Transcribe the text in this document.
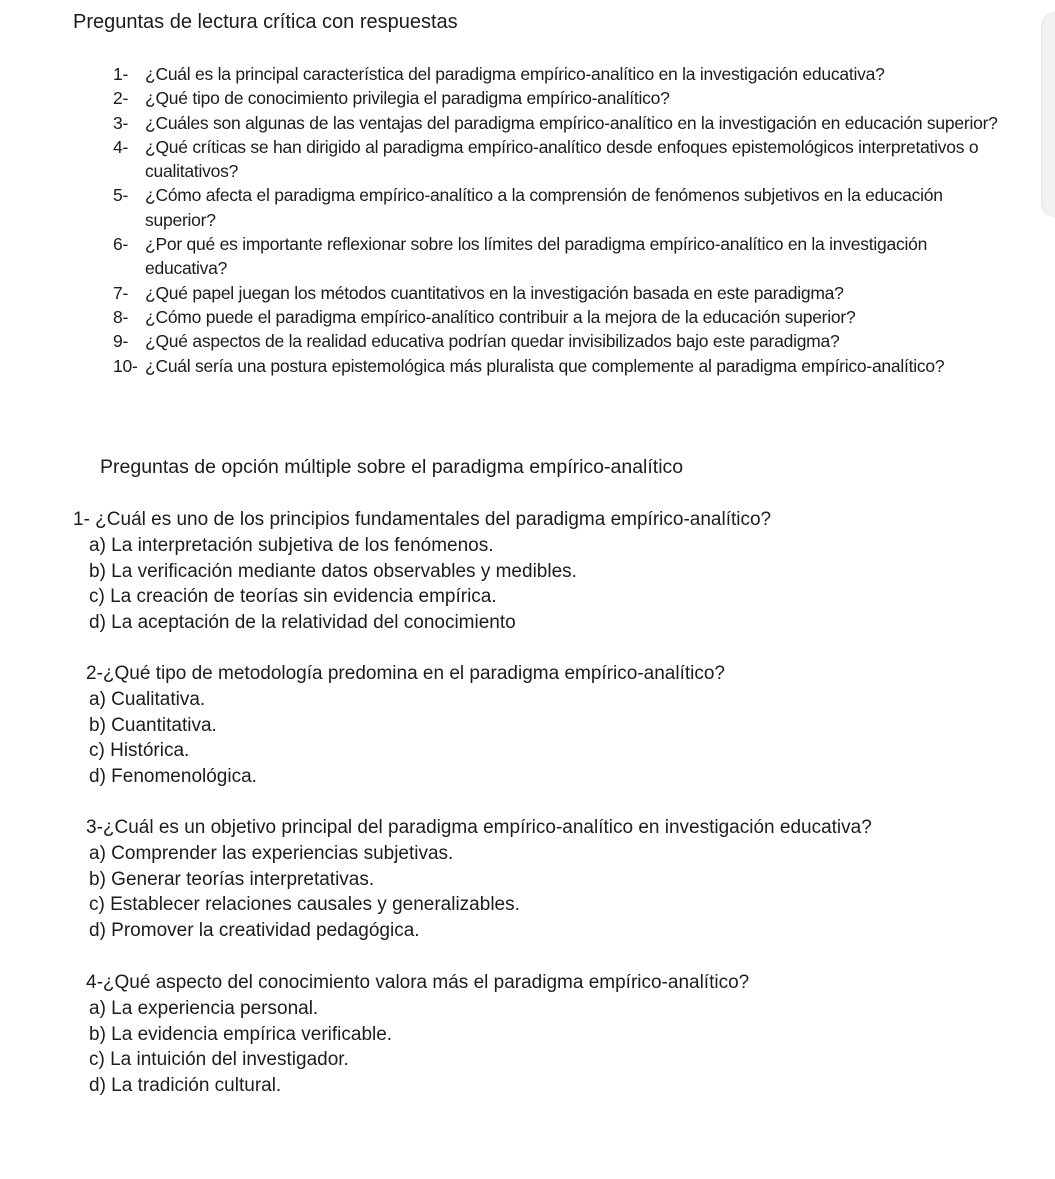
Preguntas de lectura crítica con respuestas
1- ¿Cuál es la principal característica del paradigma empírico-analítico en la investigación educativa?
2- ¿Qué tipo de conocimiento privilegia el paradigma empírico-analítico?
3- ¿Cuáles son algunas de las ventajas del paradigma empírico-analítico en la investigación en educación superior?
4- ¿Qué críticas se han dirigido al paradigma empírico-analítico desde enfoques epistemológicos interpretativos o cualitativos?
5- ¿Cómo afecta el paradigma empírico-analítico a la comprensión de fenómenos subjetivos en la educación superior?
6- ¿Por qué es importante reflexionar sobre los límites del paradigma empírico-analítico en la investigación educativa?
7- ¿Qué papel juegan los métodos cuantitativos en la investigación basada en este paradigma?
8- ¿Cómo puede el paradigma empírico-analítico contribuir a la mejora de la educación superior?
9- ¿Qué aspectos de la realidad educativa podrían quedar invisibilizados bajo este paradigma?
10- ¿Cuál sería una postura epistemológica más pluralista que complemente al paradigma empírico-analítico?
Preguntas de opción múltiple sobre el paradigma empírico-analítico
1- ¿Cuál es uno de los principios fundamentales del paradigma empírico-analítico?
a) La interpretación subjetiva de los fenómenos.
b) La verificación mediante datos observables y medibles.
c) La creación de teorías sin evidencia empírica.
d) La aceptación de la relatividad del conocimiento
2-¿Qué tipo de metodología predomina en el paradigma empírico-analítico?
a) Cualitativa.
b) Cuantitativa.
c) Histórica.
d) Fenomenológica.
3-¿Cuál es un objetivo principal del paradigma empírico-analítico en investigación educativa?
a) Comprender las experiencias subjetivas.
b) Generar teorías interpretativas.
c) Establecer relaciones causales y generalizables.
d) Promover la creatividad pedagógica.
4-¿Qué aspecto del conocimiento valora más el paradigma empírico-analítico?
a) La experiencia personal.
b) La evidencia empírica verificable.
c) La intuición del investigador.
d) La tradición cultural.
